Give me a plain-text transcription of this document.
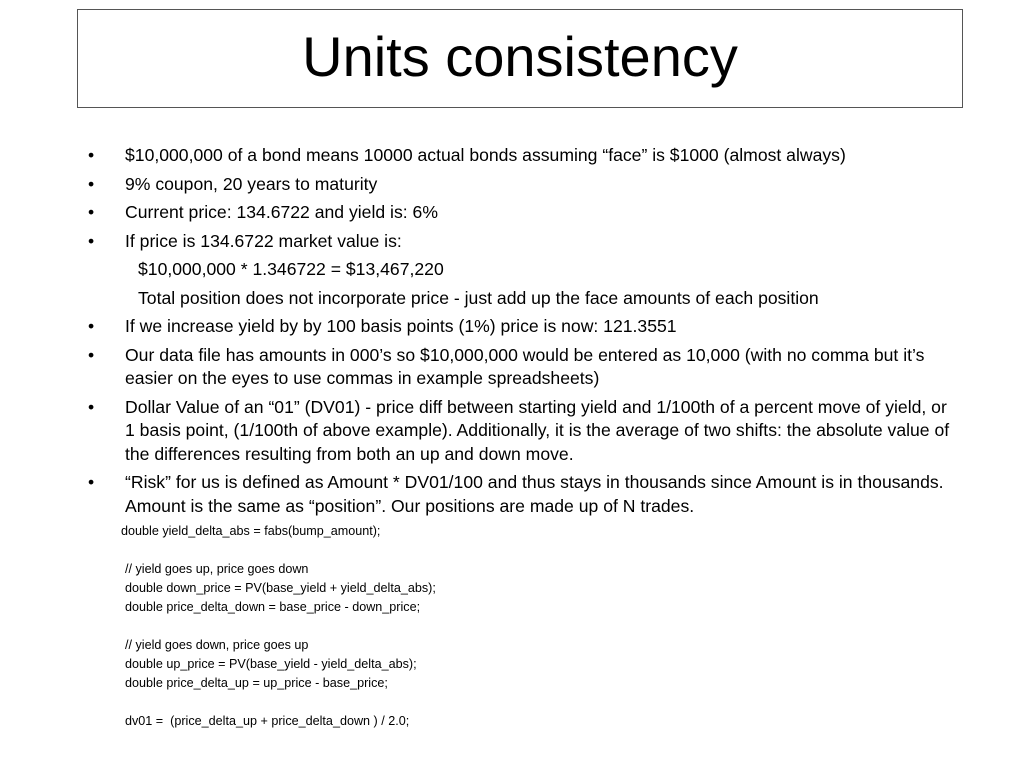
Units consistency
• $10,000,000 of a bond means 10000 actual bonds assuming “face” is $1000 (almost always)
• 9% coupon, 20 years to maturity
• Current price: 134.6722 and yield is: 6%
• If price is 134.6722 market value is:
$10,000,000 * 1.346722 = $13,467,220
Total position does not incorporate price - just add up the face amounts of each position
• If we increase yield by by 100 basis points (1%) price is now: 121.3551
• Our data file has amounts in 000’s so $10,000,000 would be entered as 10,000 (with no comma but it’s easier on the eyes to use commas in example spreadsheets)
• Dollar Value of an “01” (DV01) - price diff between starting yield and 1/100th of a percent move of yield, or 1 basis point, (1/100th of above example). Additionally, it is the average of two shifts: the absolute value of the differences resulting from both an up and down move.
• “Risk” for us is defined as Amount * DV01/100 and thus stays in thousands since Amount is in thousands. Amount is the same as “position”. Our positions are made up of N trades.
double yield_delta_abs = fabs(bump_amount);
// yield goes up, price goes down
double down_price = PV(base_yield + yield_delta_abs);
double price_delta_down = base_price - down_price;
// yield goes down, price goes up
double up_price = PV(base_yield - yield_delta_abs);
double price_delta_up = up_price - base_price;
dv01 =  (price_delta_up + price_delta_down ) / 2.0;
